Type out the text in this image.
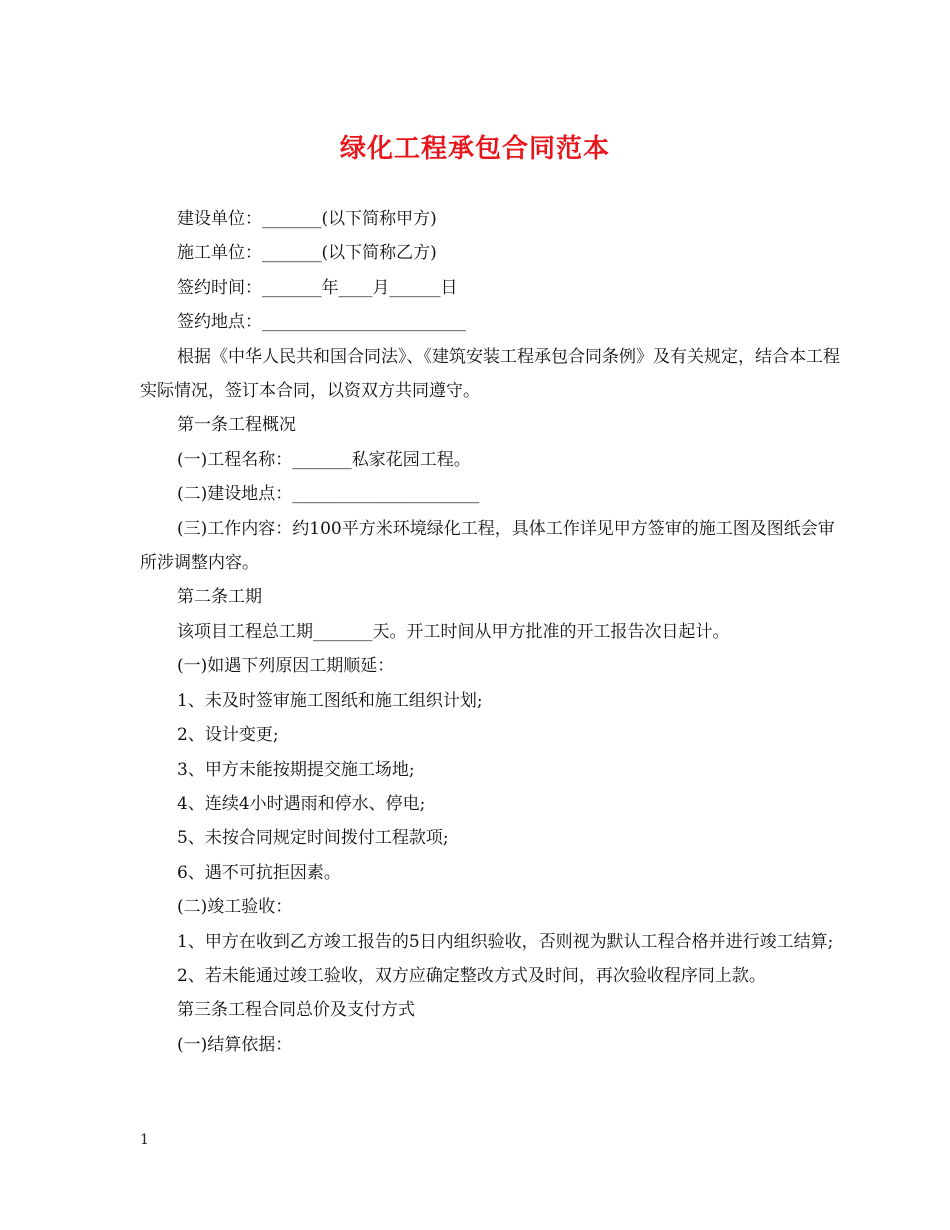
绿化工程承包合同范本

建设单位：_______(以下简称甲方)

施工单位：_______(以下简称乙方)

签约时间：_______年____月______日

签约地点：________________________

根据《中华人民共和国合同法》、《建筑安装工程承包合同条例》及有关规定，结合本工程实际情况，签订本合同，以资双方共同遵守。

第一条工程概况

(一)工程名称：_______私家花园工程。

(二)建设地点：______________________

(三)工作内容：约100平方米环境绿化工程，具体工作详见甲方签审的施工图及图纸会审所涉调整内容。

第二条工期

该项目工程总工期_______天。开工时间从甲方批准的开工报告次日起计。

(一)如遇下列原因工期顺延：

1、未及时签审施工图纸和施工组织计划;

2、设计变更;

3、甲方未能按期提交施工场地;

4、连续4小时遇雨和停水、停电;

5、未按合同规定时间拨付工程款项;

6、遇不可抗拒因素。

(二)竣工验收：

1、甲方在收到乙方竣工报告的5日内组织验收，否则视为默认工程合格并进行竣工结算;

2、若未能通过竣工验收，双方应确定整改方式及时间，再次验收程序同上款。

第三条工程合同总价及支付方式

(一)结算依据：

1
